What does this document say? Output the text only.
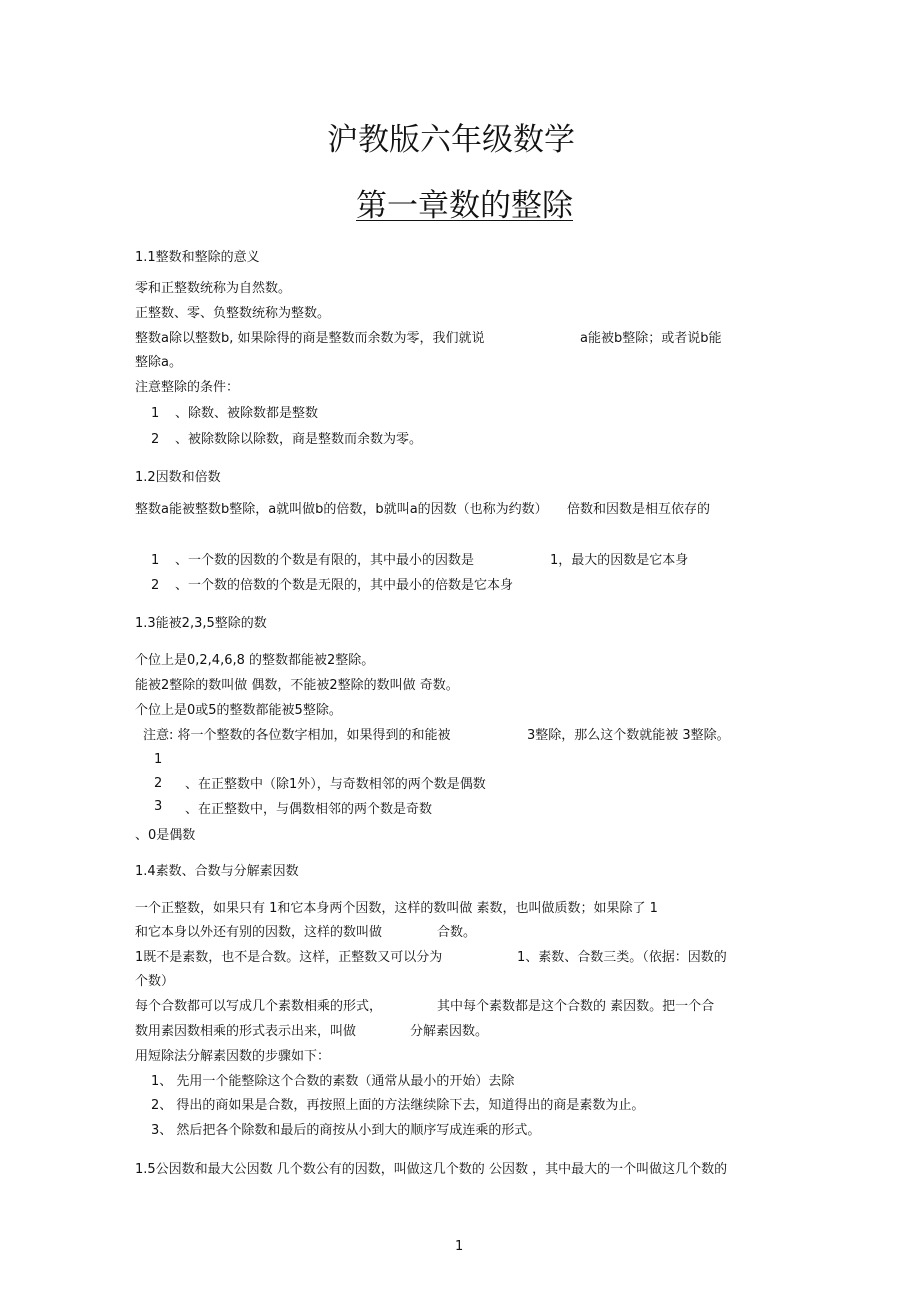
沪教版六年级数学
第一章数的整除
1.1整数和整除的意义
零和正整数统称为自然数。
正整数、零、负整数统称为整数。
整数a除以整数b, 如果除得的商是整数而余数为零，我们就说	a能被b整除；或者说b能
整除a。
注意整除的条件：
1 、除数、被除数都是整数
2 、被除数除以除数，商是整数而余数为零。
1.2因数和倍数
整数a能被整数b整除，a就叫做b的倍数，b就叫a的因数（也称为约数） 倍数和因数是相互依存的
1 、一个数的因数的个数是有限的，其中最小的因数是	1，最大的因数是它本身
2 、一个数的倍数的个数是无限的，其中最小的倍数是它本身
1.3能被2,3,5整除的数
个位上是0,2,4,6,8 的整数都能被2整除。
能被2整除的数叫做 偶数，不能被2整除的数叫做 奇数。
个位上是0或5的整数都能被5整除。
注意: 将一个整数的各位数字相加，如果得到的和能被	3整除，那么这个数就能被 3整除。
1
2 、在正整数中（除1外），与奇数相邻的两个数是偶数
3 、在正整数中，与偶数相邻的两个数是奇数
、0是偶数
1.4素数、合数与分解素因数
一个正整数，如果只有 1和它本身两个因数，这样的数叫做 素数，也叫做质数；如果除了 1
和它本身以外还有别的因数，这样的数叫做	合数。
1既不是素数，也不是合数。这样，正整数又可以分为	1、素数、合数三类。（依据：因数的
个数）
每个合数都可以写成几个素数相乘的形式，	其中每个素数都是这个合数的 素因数。把一个合
数用素因数相乘的形式表示出来，叫做	分解素因数。
用短除法分解素因数的步骤如下：
1、 先用一个能整除这个合数的素数（通常从最小的开始）去除
2、 得出的商如果是合数，再按照上面的方法继续除下去，知道得出的商是素数为止。
3、 然后把各个除数和最后的商按从小到大的顺序写成连乘的形式。
1.5公因数和最大公因数 几个数公有的因数，叫做这几个数的 公因数 ，其中最大的一个叫做这几个数的
1
